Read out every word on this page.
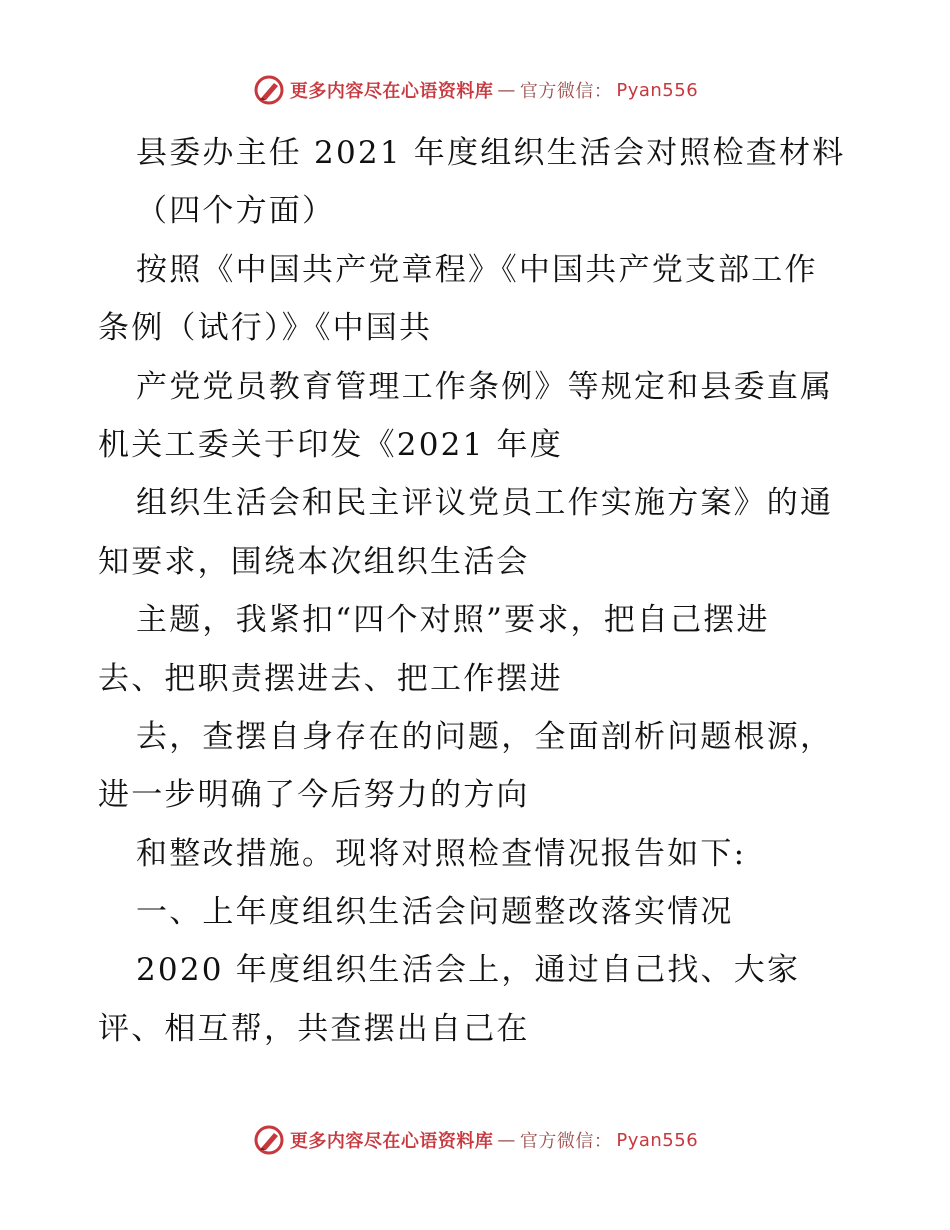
更多内容尽在心语资料库 — 官方微信： Pyan556
县委办主任 2021 年度组织生活会对照检查材料
（四个方面）
按照《中国共产党章程》《中国共产党支部工作
条例（试行）》《中国共
产党党员教育管理工作条例》等规定和县委直属
机关工委关于印发《2021 年度
组织生活会和民主评议党员工作实施方案》的通
知要求，围绕本次组织生活会
主题，我紧扣“四个对照”要求，把自己摆进
去、把职责摆进去、把工作摆进
去，查摆自身存在的问题，全面剖析问题根源，
进一步明确了今后努力的方向
和整改措施。现将对照检查情况报告如下:
一、上年度组织生活会问题整改落实情况
2020 年度组织生活会上，通过自己找、大家
评、相互帮，共查摆出自己在
更多内容尽在心语资料库 — 官方微信： Pyan556
